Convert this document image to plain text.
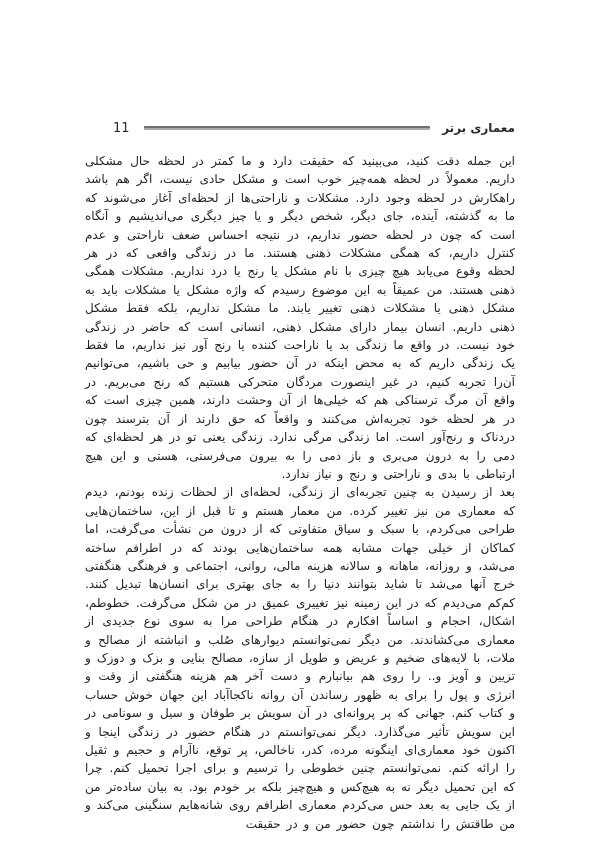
معماری برتر
11

این جمله دقت کنید، می‌بینید که حقیقت دارد و ما کمتر در لحظه حال مشکلی داریم. معمولاً در لحظه همه‌چیز خوب است و مشکل حادی نیست، اگر هم باشد راهکارش در لحظه وجود دارد. مشکلات و ناراحتی‌ها از لحظه‌ای آغاز می‌شوند که ما به گذشته، آینده، جای دیگر، شخص دیگر و یا چیز دیگری می‌اندیشیم و آنگاه است که چون در لحظه حضور نداریم، در نتیجه احساس ضعف ناراحتی و عدم کنترل داریم، که همگی مشکلات ذهنی هستند. ما در زندگی واقعی که در هر لحظه وقوع می‌یابد هیچ چیزی با نام مشکل یا رنج یا درد نداریم. مشکلات همگی ذهنی هستند. من عمیقاً به این موضوع رسیدم که واژه مشکل یا مشکلات باید به مشکل ذهنی یا مشکلات ذهنی تغییر یابند. ما مشکل نداریم، بلکه فقط مشکل ذهنی داریم. انسان بیمار دارای مشکل ذهنی، انسانی است که حاضر در زندگی خود نیست. در واقع ما زندگی بد یا ناراحت کننده یا رنج آور نیز نداریم، ما فقط یک زندگی داریم که به محض اینکه در آن حضور بیابیم و حی باشیم، می‌توانیم آن‌را تجربه کنیم، در غیر اینصورت مردگان متحرکی هستیم که رنج می‌بریم. در واقع آن مرگ ترسناکی هم که خیلی‌ها از آن وحشت دارند، همین چیزی است که در هر لحظه خود تجربه‌اش می‌کنند و واقعاً که حق دارند از آن بترسند چون دردناک و رنج‌آور است. اما زندگی مرگی ندارد. زندگی یعنی تو در هر لحظه‌ای که دمی را به درون می‌بری و باز دمی را به بیرون می‌فرستی، هستی و این هیچ ارتباطی با بدی و ناراحتی و رنج و نیاز ندارد.

بعد از رسیدن به چنین تجربه‌ای از زندگی، لحظه‌ای از لحظات زنده بودنم، دیدم که معماری من نیز تغییر کرده. من معمار هستم و تا قبل از این، ساختمان‌هایی طراحی می‌کردم، با سبک و سیاق متفاوتی که از درون من نشأت می‌گرفت، اما کماکان از خیلی جهات مشابه همه ساختمان‌هایی بودند که در اطرافم ساخته می‌شد، و روزانه، ماهانه و سالانه هزینه مالی، روانی، اجتماعی و فرهنگی هنگفتی خرج آنها می‌شد تا شاید بتوانند دنیا را به جای بهتری برای انسان‌ها تبدیل کنند. کم‌کم می‌دیدم که در این زمینه نیز تغییری عمیق در من شکل می‌گرفت. خطوطم، اشکال، احجام و اساساً افکارم در هنگام طراحی مرا به سوی نوع جدیدی از معماری می‌کشاندند. من دیگر نمی‌توانستم دیوارهای صُلب و انباشته از مصالح و ملات، با لایه‌های ضخیم و عریض و طویل از سازه، مصالح بنایی و بزک و دوزک و تزیین و آویز و.. را روی هم بیانبارم و دست آخر هم هزینه هنگفتی از وقت و انرژی و پول را برای به ظهور رساندن آن روانه ناکجاآباد این جهان خوش حساب و کتاب کنم. جهانی که پر پروانه‌ای در آن سویش بر طوفان و سیل و سونامی در این سویش تأثیر می‌گذارد. دیگر نمی‌توانستم در هنگام حضور در زندگی اینجا و اکنون خود معماری‌ای اینگونه مرده، کدر، ناخالص، پر توقع، ناآرام و حجیم و ثقیل را ارائه کنم. نمی‌توانستم چنین خطوطی را ترسیم و برای اجرا تحمیل کنم. چرا که این تحمیل دیگر نه به هیچ‌کس و هیچ‌چیز بلکه بر خودم بود. به بیان ساده‌تر من از یک جایی به بعد حس می‌کردم معماری اطرافم روی شانه‌هایم سنگینی می‌کند و من طاقتش را نداشتم چون حضور من و در حقیقت
